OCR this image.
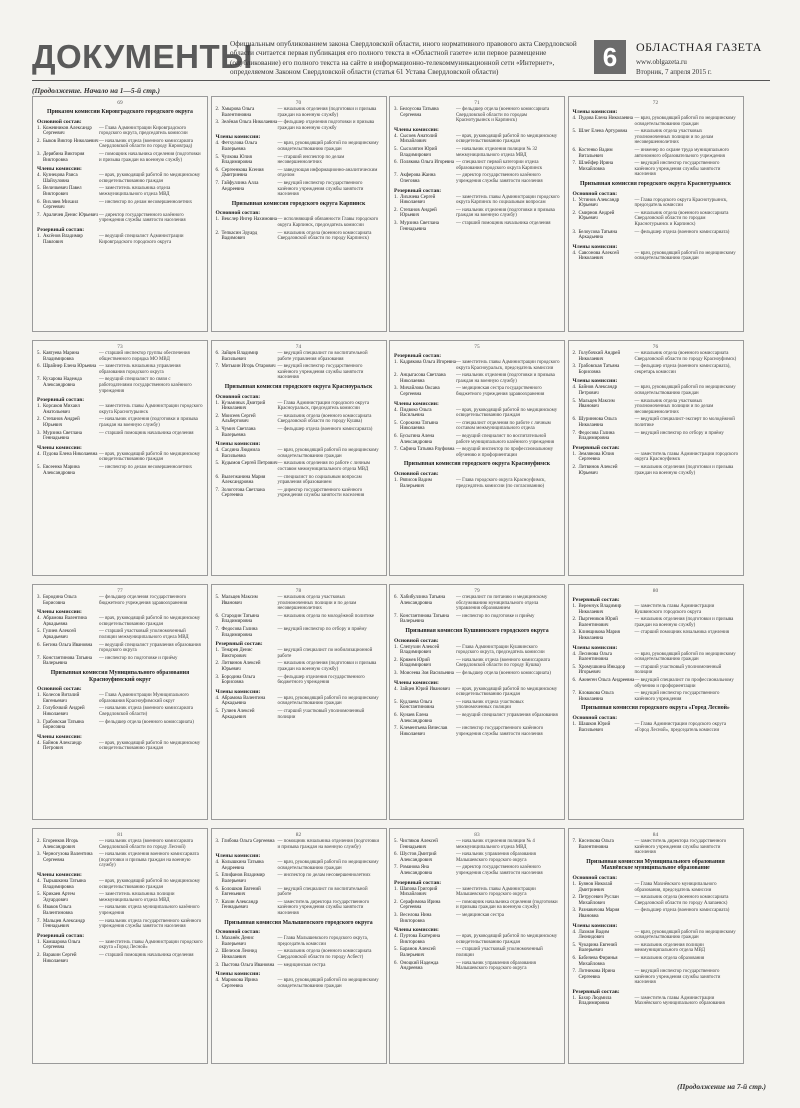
ДОКУМЕНТЫ
Официальным опубликованием закона Свердловской области, иного нормативного правового акта Свердловской области считается первая публикация его полного текста в «Областной газете» или первое размещение (опубликование) его полного текста на сайте в информационно-телекоммуникационной сети «Интернет», определяемом Законом Свердловской области (статья 61 Устава Свердловской области)
6	ОБЛАСТНАЯ ГАЗЕТА
www.oblgazeta.ru
Вторник, 7 апреля 2015 г.
(Продолжение. Начало на 1—5-й стр.)
69
Приказом комиссии Кировградского городского округа
Основной состав:
1. Кожевников Александр Сергеевич
— Глава Администрации Кировградского городского округа, председатель комиссии
2. Быков Виктор Николаевич — начальник отдела (военного комиссариата Свердловской области по городу Кировград)
3. Дерябина Виктория Викторовна
— помощник начальника отделения (подготовки и призыва граждан на военную службу)
Члены комиссии:
4. Кузнецова Раиса Шайхуловна
— врач, руководящий работой по медицинскому освидетельствованию граждан
5. Величкевич Павел Викторович
— заместитель начальника отдела межмуниципального отдела МВД
6. Вихляев Михаил Сергеевич
— инспектор по делам несовершеннолетних
7. Араличев Денис Юрьевич — директор государственного казённого учреждения службы занятости населения
Резервный состав:
1. Аксёнов Владимир Павлович
— ведущий специалист Администрации Кировградского городского округа
70
2. Хмырова Ольга Валентиновна
— начальник отделения (подготовки и призыва граждан на военную службу)
3. Зелёная Ольга Николаевна — фельдшер отделения подготовки и призыва граждан на военную службу
Члены комиссии:
4. Фетхулова Ольга Валерьевна
— врач, руководящий работой по медицинскому освидетельствованию граждан
5. Чулкова Юлия Владимировна
— старший инспектор по делам несовершеннолетних
6. Сергеенкова Ксения Дмитриевна
— заведующая информационно-аналитическим отделом
7. Гайфуллина Алла Андреевна
— ведущий инспектор государственного казённого учреждения службы занятости населения
Призывная комиссия городского округа Карпинск
Основной состав:
1. Векслер Ингер Нахимовна — исполняющий обязанности Главы городского округа Карпинск, председатель комиссии
2. Тепкасин Эдуард Вадимович
— начальник отдела (военного комиссариата Свердловской области по городу Карпинск)
71
3. Белоусова Татьяна Сергеевна
— фельдшер отдела (военного комиссариата Свердловской области по городам Краснотурьинск и Карпинск)
Члены комиссии:
4. Сысоев Анатолий Михайлович
— врач, руководящий работой по медицинскому освидетельствованию граждан
5. Сысолятин Юрий Владимирович
— начальник отделения полиции № 32 межмуниципального отдела МВД
6. Полякова Ольга Игоревна — специалист первой категории отдела образования городского округа Карпинск
7. Акферова Жанна Олеговна
— директор государственного казённого учреждения службы занятости населения
Резервный состав:
1. Лихачева Сергей Николаевич
— заместитель главы Администрации городского округа Карпинск по социальным вопросам
2. Степанов Андрей Юрьевич
— начальник отделения (подготовки и призыва граждан на военную службу)
3. Мурзина Светлана Геннадьевна
— старший помощник начальника отделения
72
Члены комиссии:
4. Пудова Елена Николаевна — врач, руководящий работой по медицинскому освидетельствованию граждан
5. Шлег Елена Артуровна	— начальник отдела участковых уполномоченных полиции и по делам несовершеннолетних
6. Костенко Вадим Витальевич
— инженер по охране труда муниципального автономного образовательного учреждения
7. Шлейфер Ирина Михайловна
— ведущий инспектор государственного казённого учреждения службы занятости населения
Призывная комиссия городского округа Краснотурьинск
Основной состав:
1. Устинов Александр Юрьевич
— Глава городского округа Краснотурьинск, председатель комиссии
2. Смирнов Андрей Юрьевич
— начальник отдела (военного комиссариата Свердловской области по городам Краснотурьинск и Карпинск)
3. Белоусова Татьяна Аркадьевна
— фельдшер отдела (военного комиссариата)
Члены комиссии:
4. Савсонова Алексей Николаевич
— врач, руководящий работой по медицинскому освидетельствованию граждан
73
5. Кавтуева Марина Владимировна
— старший инспектор группы обеспечения общественного порядка МО МВД
6. Шрайнер Елена Юрьевна — заместитель начальника управления образования городского округа
7. Кухарова Надежда Александровна
— ведущий специалист по связи с работодателями государственного казённого учреждения
Резервный состав:
1. Корсаков Михаил Анатольевич
— заместитель главы Администрации городского округа Краснотурьинск
2. Степанов Андрей Юрьевич
— начальник отделения (подготовки и призыва граждан на военную службу)
3. Мурзина Светлана Геннадьевна
— старший помощник начальника отделения
Члены комиссии:
4. Пудова Елена Николаевна — врач, руководящий работой по медицинскому освидетельствованию граждан
5. Евсеенко Марина Александровна
— инспектор по делам несовершеннолетних
74
6. Зайцев Владимир Васильевич
— ведущий специалист по воспитательной работе управления образования
7. Митькин Игорь Отарович — ведущий инспектор государственного казённого учреждения службы занятости населения
Призывная комиссия городского округа Красноуральск
Основной состав:
1. Кузьминых Дмитрий Николаевич
— Глава Администрации городского округа Красноуральск, председатель комиссии
2. Моисеев Сергей Альбертович
— начальник отдела (военного комиссариата Свердловской области по городу Кушва)
3. Чумич Светлана Валерьевна
— фельдшер отдела (военного комиссариата)
Члены комиссии:
4. Сасдина Людмила Васильевна
— врач, руководящий работой по медицинскому освидетельствованию граждан
5. Кудымов Сергей Петрович — начальник отделения по работе с личным составом межмуниципального отдела МВД
6. Вылегжанина Мария Александровна
— специалист по социальным вопросам управления образованием
7. Зологотова Светлана Сергеевна
— директор государственного казённого учреждения службы занятости населения
75
Резервный состав:
1. Кадрякова Ольга Игоревна — заместитель главы Администрации городского округа Красноуральск, председатель комиссии
2. Анцыгасова Светлана Николаевна
— начальник отделения (подготовки и призыва граждан на военную службу)
3. Мичайлова Оксана Сергеевна
— медицинская сестра государственного бюджетного учреждения здравоохранения
Члены комиссии:
4. Пидвоко Ольга Васильевна
— врач, руководящий работой по медицинскому освидетельствованию граждан
5. Сорокина Татьяна Николаевна
— специалист отделения по работе с личным составом межмуниципального отдела
6. Бусыгина Алена Александровна
— ведущий специалист по воспитательной работе муниципального казённого учреждения
7. Сафина Татьяна Рауфовна — ведущий инспектор по профессиональному обучению и профориентации
Призывная комиссия городского округа Красноуфимск
Основной состав:
1. Ряписов Вадим Валерьевич
— Глава городского округа Красноуфимск, председатель комиссии (по согласованию)
76
2. Голубочкий Андрей Николаевич
— начальник отдела (военного комиссариата Свердловской области по городу Красноуфимск)
3. Грабовская Татьяна Борисовна
— фельдшер отдела (военного комиссариата), секретарь комиссии
Члены комиссии:
4. Байнов Александр Петрович
— врач, руководящий работой по медицинскому освидетельствованию граждан
5. Мальцев Максим Иванович
— начальник отдела участковых уполномоченных полиции и по делам несовершеннолетних
6. Шуриннова Ольга Николаевна
— ведущий специалист-эксперт по молодёжной политике
7. Федосова Галина Владимировна
— ведущий инспектор по отбору и приёму
Резервный состав:
1. Землянова Юлия Сергеевна
— заместитель главы Администрации городского округа Красноуфимск
2. Литвинов Алексей Юрьевич
— начальник отделения (подготовки и призыва граждан на военную службу)
77
3. Бородина Ольга Борисовна
— фельдшер отделения государственного бюджетного учреждения здравоохранения
Члены комиссии:
4. Абрамова Валентина Аркадьевна
— врач, руководящий работой по медицинскому освидетельствованию граждан
5. Гулиев Алексей Аркадьевич
— старший участковый уполномоченный полиции межмуниципального отдела МВД
6. Бегина Ольга Ивановна	— ведущий специалист управления образования городского округа
7. Константинова Татьяна Валерьевна
— инспектор по подготовке и приёму
Призывная комиссия Муниципального образования Красноуфимский округ
Основной состав:
1. Колесов Виталий Евгеньевич
— Глава Администрации Муниципального образования Красноуфимский округ
2. Голубочкий Андрей Николаевич
— начальник отдела (военного комиссариата Свердловской области)
3. Грабовская Татьяна Борисовна
— фельдшер отдела (военного комиссариата)
Члены комиссии:
4. Байнов Александр Петрович
— врач, руководящий работой по медицинскому освидетельствованию граждан
78
5. Мальцев Максим Иванович
— начальник отдела участковых уполномоченных полиции и по делам несовершеннолетних
6. Стародин Татьяна Владимировна
— начальник отдела по молодёжной политике
7. Федосова Галина Владимировна
— ведущий инспектор по отбору и приёму
Резервный состав:
1. Тенарев Денис Викторович
— ведущий специалист по мобилизационной работе
2. Литвинов Алексей Юрьевич
— начальник отделения (подготовки и призыва граждан на военную службу)
3. Бородина Ольга Борисовна
— фельдшер отделения государственного бюджетного учреждения
Члены комиссии:
4. Абрамова Валентина Аркадьевна
— врач, руководящий работой по медицинскому освидетельствованию граждан
5. Гулиев Алексей Аркадьевич
— старший участковый уполномоченный полиции
79
6. Хабибуллина Татьяна Александровна
— специалист по питанию и медицинскому обслуживанию муниципального отдела управления образованием
7. Константинова Татьяна Валерьевна
— инспектор по подготовке и приёму
Призывная комиссия Кушвинского городского округа
Основной состав:
1. Слепухин Алексей Владимирович
— Глава Администрации Кушвинского городского округа, председатель комиссии
2. Кряжев Юрий Владимирович
— начальник отдела (военного комиссариата Свердловской области по городу Кушва)
3. Моисеева Зоя Васильевна — фельдшер отдела (военного комиссариата)
Члены комиссии:
4. Зайцев Юрий Иванович	— врач, руководящий работой по медицинскому освидетельствованию граждан
5. Кудлаева Ольга Константиновна
— начальник отдела участковых уполномоченных полиции
6. Кунаев Елена Александровна
— ведущий специалист управления образования
7. Клементьева Вячеслав Николаевич
— инспектор государственного казённого учреждения службы занятости населения
80
Резервный состав:
1. Веремчук Владимир Николаевич
— заместитель главы Администрации Кушвинского городского округа
2. Пыргеников Юрий Валентинович
— начальник отделения (подготовки и призыва граждан на военную службу)
3. Клинщикова Мария Николаевна
— старший помощник начальника отделения
Члены комиссии:
4. Лесинова Ольга Валентиновна
— врач, руководящий работой по медицинскому освидетельствованию граждан
5. Хромушкина Инкадор Игорьевич
— старший участковый уполномоченный полиции
6. Ажнеген Ольга Андреевна — ведущий специалист по профессиональному обучению и профориентации
7. Кловакова Ольга Николаевна
— ведущий инспектор государственного казённого учреждения
Призывная комиссия городского округа «Город Лесной»
Основной состав:
1. Шашков Юрий Васильевич
— Глава Администрации городского округа «Город Лесной», председатель комиссии
81
2. Егоренков Игорь Александрович
— начальник отдела (военного комиссариата Свердловской области по городу Лесной)
3. Черногузова Валентина Сергеевна
— начальник отделения военного комиссариата (подготовки и призыва граждан на военную службу)
Члены комиссии:
4. Тырышкина Татьяна Владимировна
— врач, руководящий работой по медицинскому освидетельствованию граждан
5. Крикаев Артем Эдуардович
— заместитель начальника полиции межмуниципального отдела МВД
6. Иваков Ольга Валентиновна
— начальник отдела муниципального казённого учреждения
7. Мальцев Александр Геннадьевич
— начальник отдела государственного казённого учреждения службы занятости населения
Резервный состав:
1. Камшарова Ольга Сергеевна
— заместитель главы Администрации городского округа «Город Лесной»
2. Варакин Сергей Николаевич
— старший помощник начальника отделения
82
3. Глибова Ольга Сергеевна — помощник начальника отделения (подготовки и призыва граждан на военную службу)
Члены комиссии:
4. Колышкина Татьяна Андреевна
— врач, руководящий работой по медицинскому освидетельствованию граждан
5. Епифанов Владимир Валерьевич
— инспектор по делам несовершеннолетних
6. Болошков Евгений Евгеньевич
— ведущий специалист по воспитательной работе
7. Кахин Александр Геннадьевич
— заместитель директора государственного казённого учреждения службы занятости населения
Призывная комиссия Малышевского городского округа
Основной состав:
1. Маханёк Денис Валерьевич
— Глава Малышевского городского округа, председатель комиссии
2. Шелехов Леонид Николаевич
— начальник отдела (военного комиссариата Свердловской области по городу Асбест)
3. Пыстова Ольга Ивановна — медицинская сестра
Члены комиссии:
4. Марюкова Ирина Сергеевна
— врач, руководящий работой по медицинскому освидетельствованию граждан
83
5. Чистяков Алексей Геннадьевич
— начальник отделения полиции № 4 межмуниципального отдела МВД
6. Шустов Дмитрий Александрович
— начальник управления образования Малышевского городского округа
7. Романова Яна Александровна
— директор государственного казённого учреждения службы занятости населения
Резервный состав:
1. Шапова Григорий Михайлович
— заместитель главы Администрации Малышевского городского округа
2. Серафимова Ирина Сергеевна
— помощник начальника отделения (подготовки и призыва граждан на военную службу)
3. Веселова Нина Викторовна
— медицинская сестра
Члены комиссии:
4. Пуртова Екатерина Викторовна
— врач, руководящий работой по медицинскому освидетельствованию граждан
5. Баранов Алексей Валерьевич
— старший участковый уполномоченный полиции
6. Оноцкий Надежда Андреевна
— начальник управления образования Малышевского городского округа
84
7. Киселкова Ольга Валентиновна
— заместитель директора государственного казённого учреждения службы занятости населения
Призывная комиссия Муниципального образования Махнёвское муниципальное образование
Основной состав:
1. Буянов Николай Дмитриевич
— Глава Махнёвского муниципального образования, председатель комиссии
2. Петрусевич Руслан Михайлович
— начальник отдела (военного комиссариата Свердловской области по городу Алапаевск)
3. Разнавичова Мария Ивановна
— фельдшер отдела (военного комиссариата)
Члены комиссии:
4. Лахман Вадим Леонидович
— врач, руководящий работой по медицинскому освидетельствованию граждан
5. Чукарина Евгений Валерьевич
— начальник отделения полиции межмуниципального отдела МВД
6. Бабичева Фиринья Михайловна
— начальник отдела образования
7. Лотникова Ирина Сергеевна
— ведущий инспектор государственного казённого учреждения службы занятости населения
Резервный состав:
1. Бахор Людмила Владимировна
— заместитель главы Администрации Махнёвского муниципального образования
(Продолжение на 7-й стр.)
